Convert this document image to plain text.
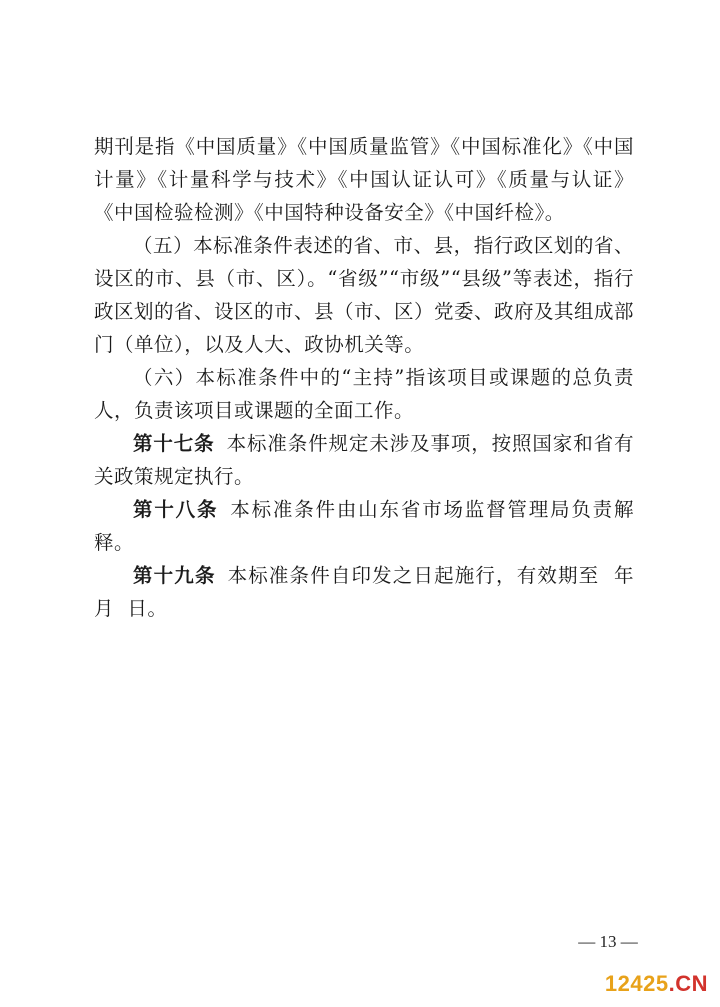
期刊是指《中国质量》《中国质量监管》《中国标准化》《中国计量》《计量科学与技术》《中国认证认可》《质量与认证》《中国检验检测》《中国特种设备安全》《中国纤检》。

（五）本标准条件表述的省、市、县，指行政区划的省、设区的市、县（市、区）。“省级”“市级”“县级”等表述，指行政区划的省、设区的市、县（市、区）党委、政府及其组成部门（单位），以及人大、政协机关等。

（六）本标准条件中的“主持”指该项目或课题的总负责人，负责该项目或课题的全面工作。

第十七条 本标准条件规定未涉及事项，按照国家和省有关政策规定执行。

第十八条 本标准条件由山东省市场监督管理局负责解释。

第十九条 本标准条件自印发之日起施行，有效期至  年  月  日。

— 13 —
12425.CN
